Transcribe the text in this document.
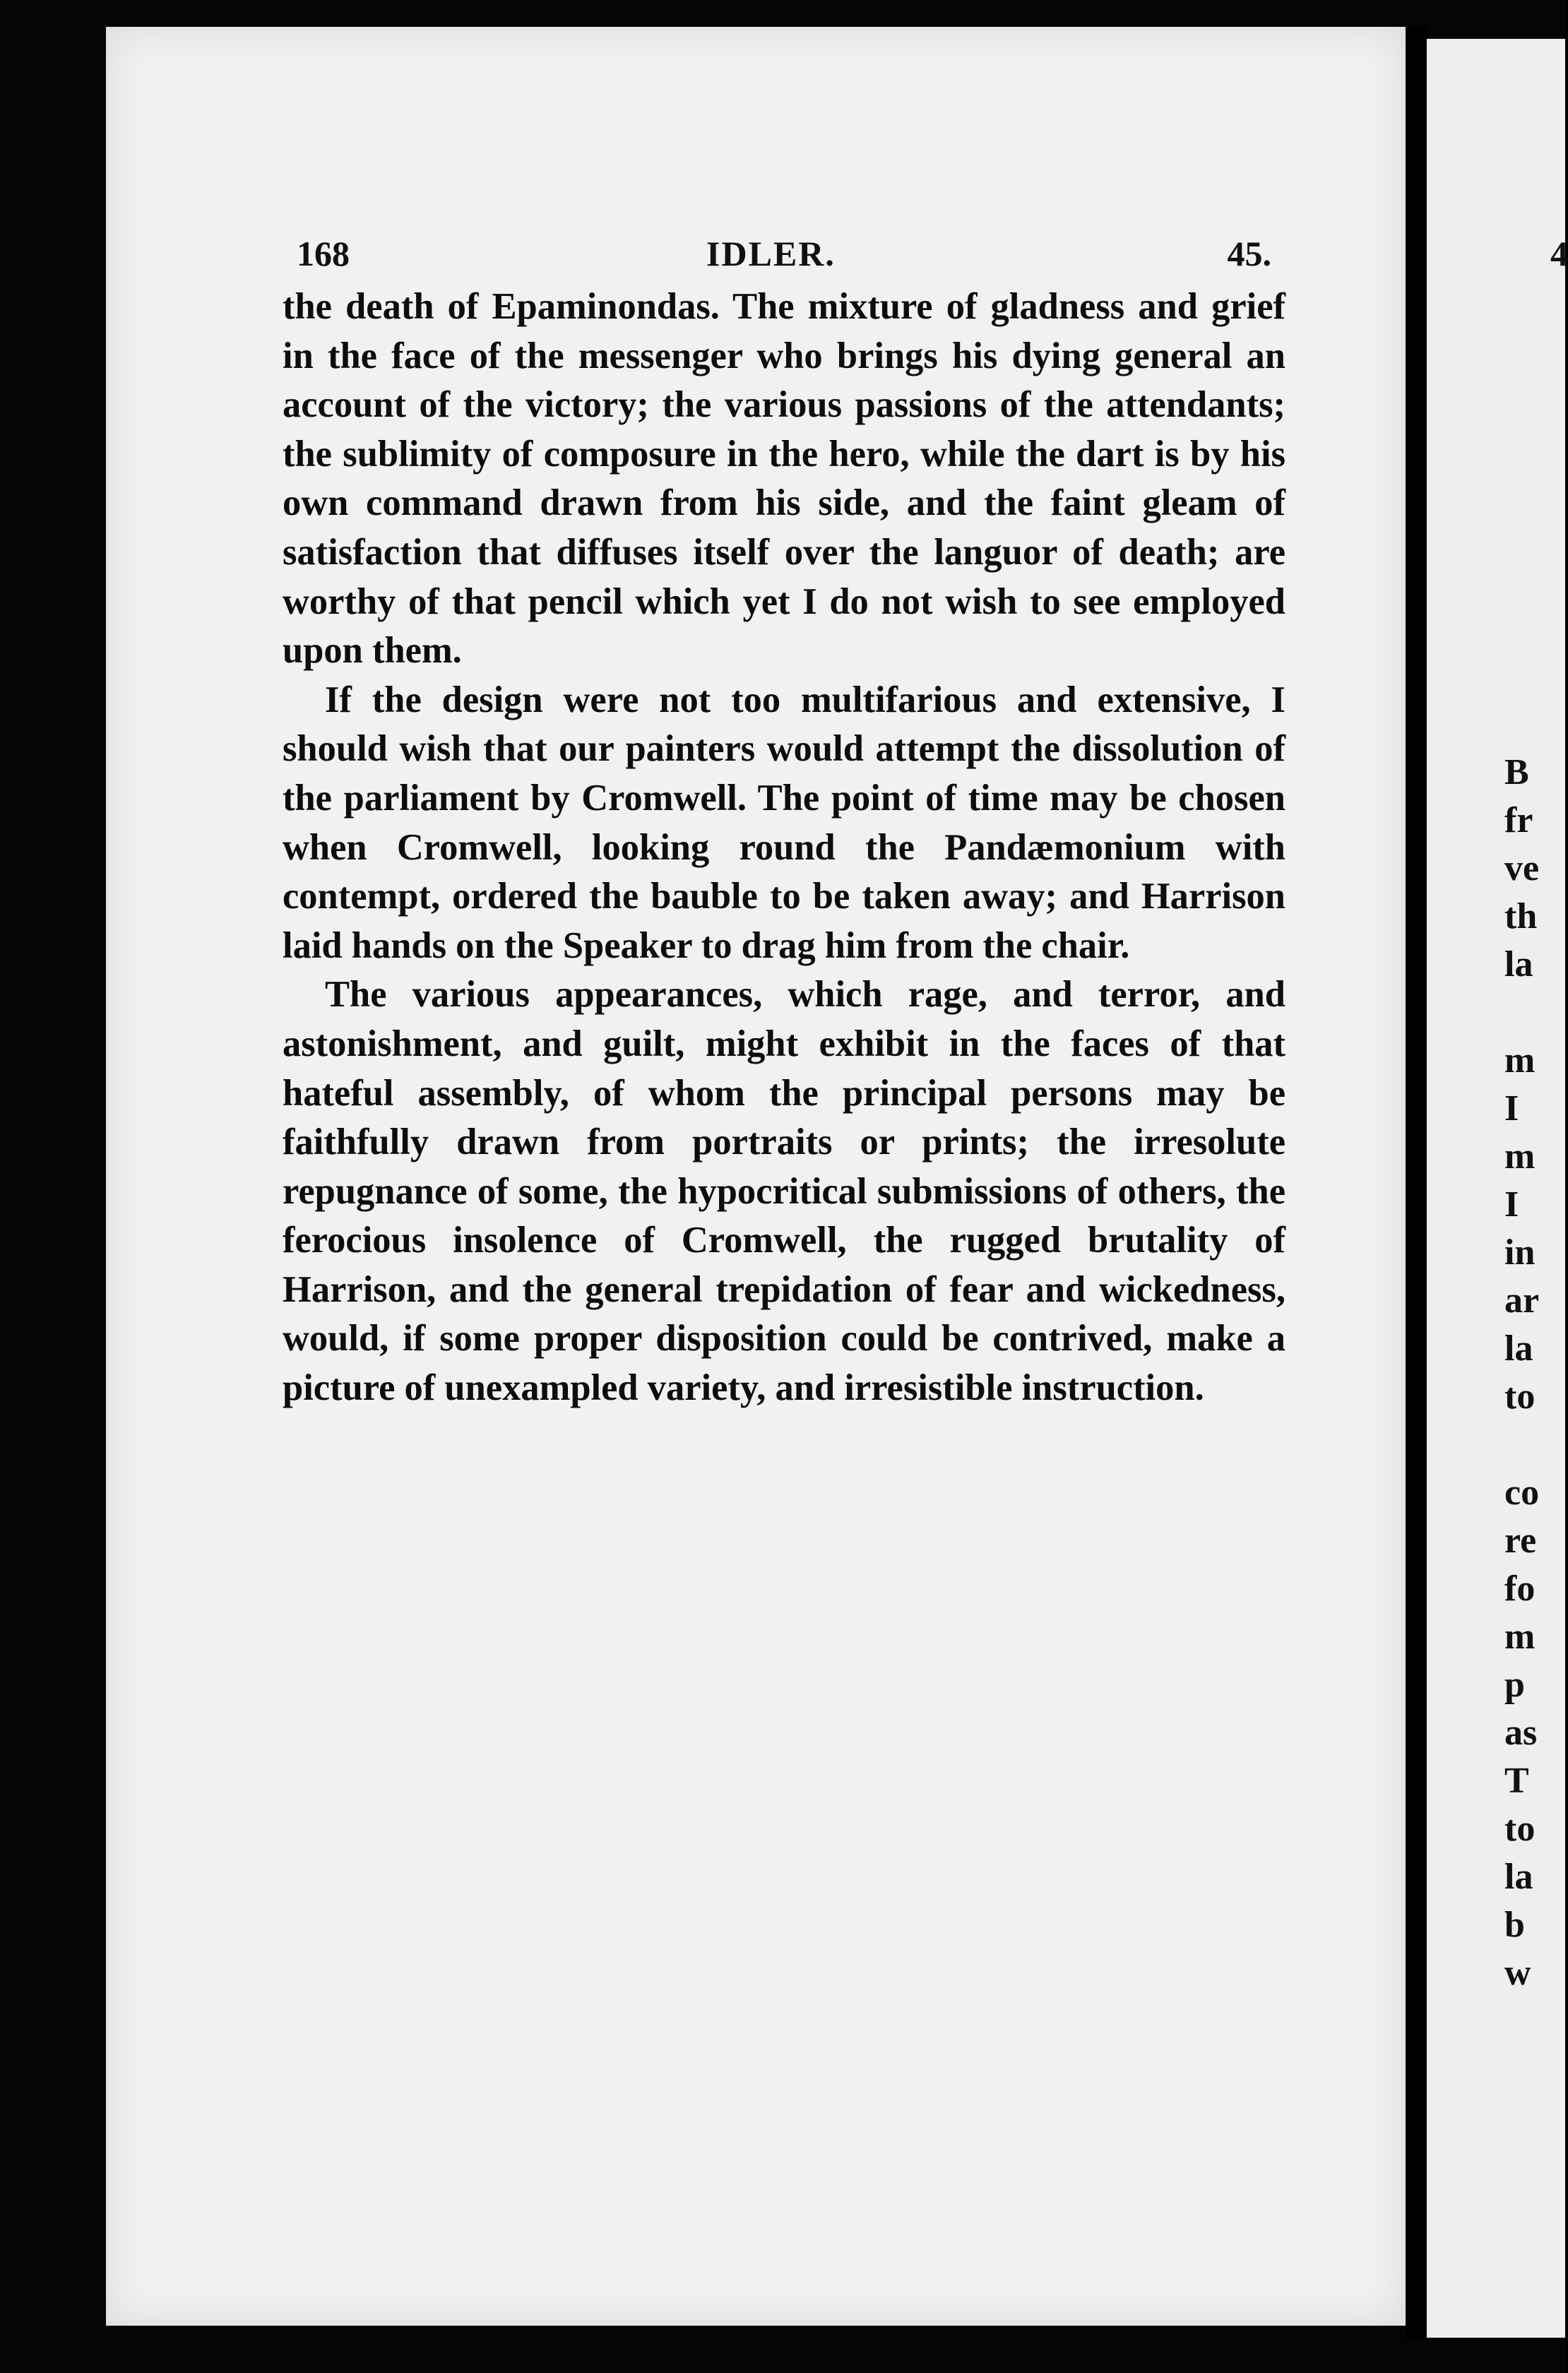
168	IDLER.	45.

the death of Epaminondas. The mixture of gladness and grief in the face of the messenger who brings his dying general an account of the victory; the various passions of the attendants; the sublimity of composure in the hero, while the dart is by his own command drawn from his side, and the faint gleam of satisfaction that diffuses itself over the languor of death; are worthy of that pencil which yet I do not wish to see employed upon them.

If the design were not too multifarious and extensive, I should wish that our painters would attempt the dissolution of the parliament by Cromwell. The point of time may be chosen when Cromwell, looking round the Pandæmonium with contempt, ordered the bauble to be taken away; and Harrison laid hands on the Speaker to drag him from the chair.

The various appearances, which rage, and terror, and astonishment, and guilt, might exhibit in the faces of that hateful assembly, of whom the principal persons may be faithfully drawn from portraits or prints; the irresolute repugnance of some, the hypocritical submissions of others, the ferocious insolence of Cromwell, the rugged brutality of Harrison, and the general trepidation of fear and wickedness, would, if some proper disposition could be contrived, make a picture of unexampled variety, and irresistible instruction.

4
B
fr
ve
th
la
m
I
m
I
in
ar
la
to
co
re
fo
m
p
as
T
to
la
b
w
